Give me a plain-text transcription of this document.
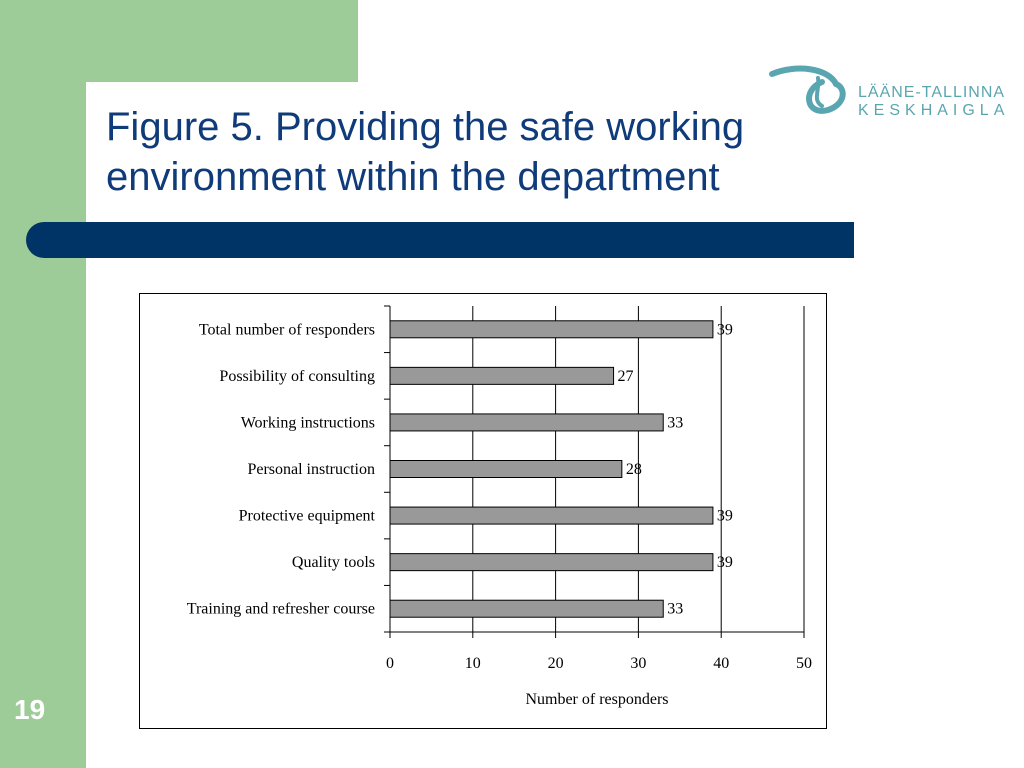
Figure 5. Providing the safe working
environment within the department
LÄÄNE-TALLINNA
KESKHAIGLA
19
Total number of responders	39
Possibility of consulting	27
Working instructions	33
Personal instruction	28
Protective equipment	39
Quality tools	39
Training and refresher course	33
0	10	20	30	40	50
Number of responders
